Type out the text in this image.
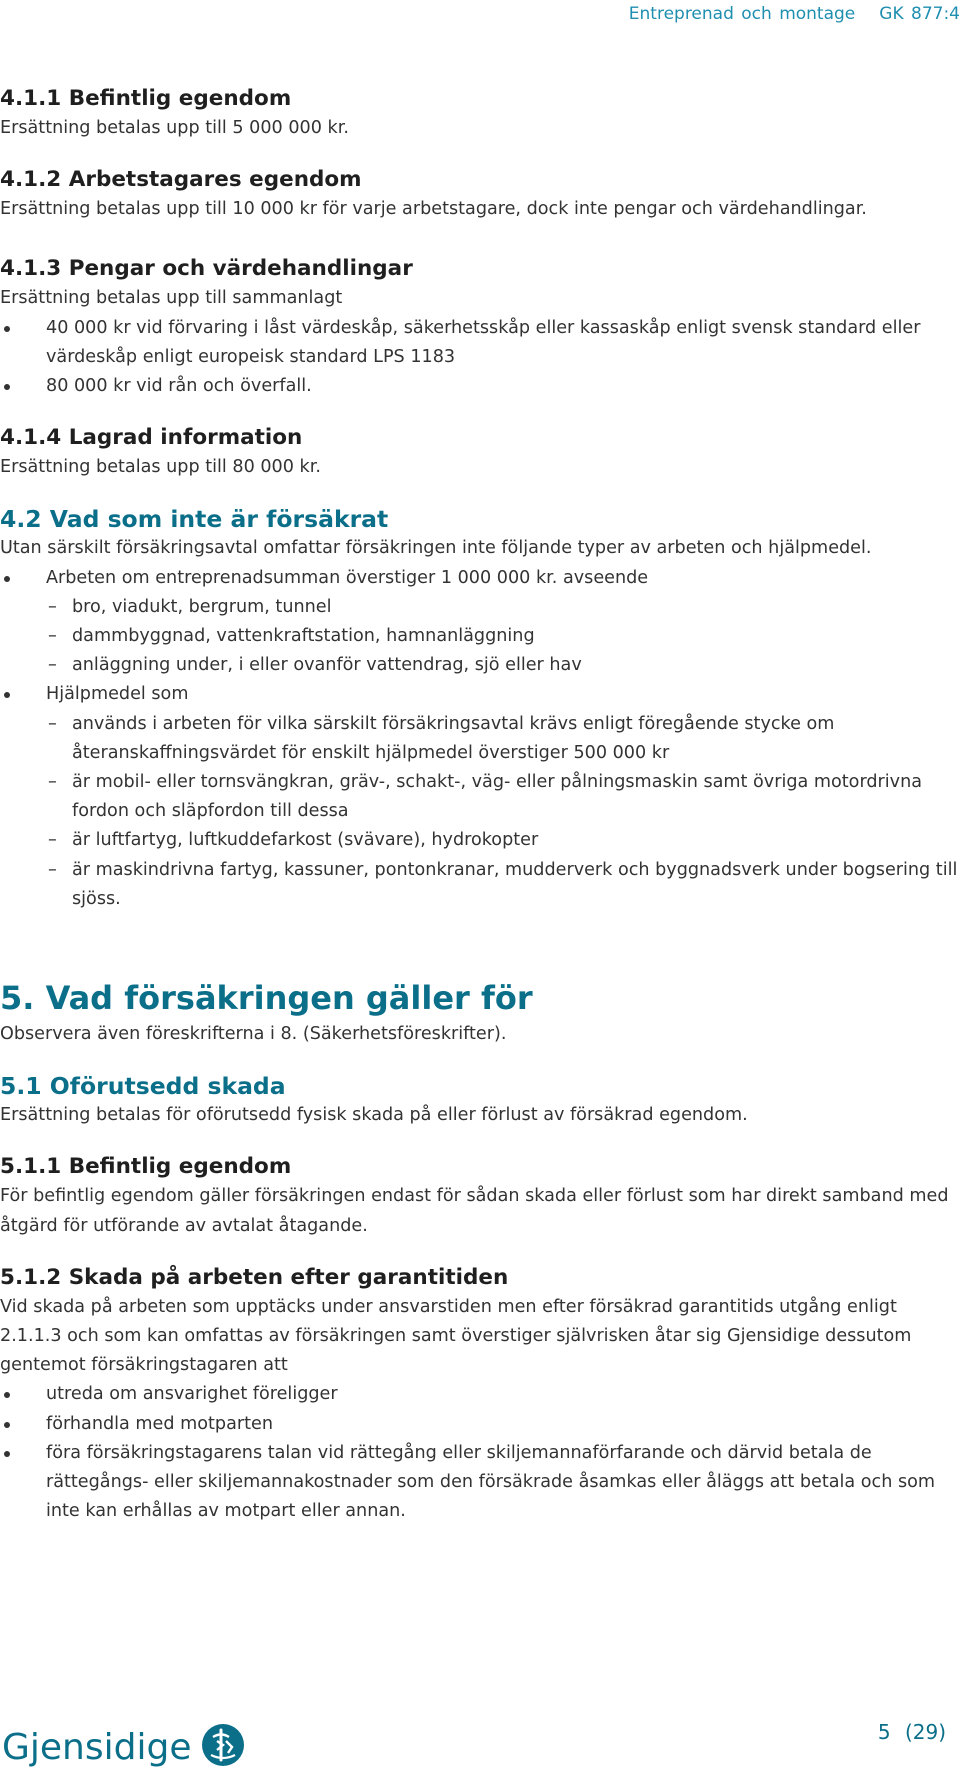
Entreprenad och montage GK 877:4
4.1.1 Befintlig egendom

Ersättning betalas upp till 5 000 000 kr.

4.1.2 Arbetstagares egendom

Ersättning betalas upp till 10 000 kr för varje arbetstagare, dock inte pengar och värdehandlingar.

4.1.3 Pengar och värdehandlingar

Ersättning betalas upp till sammanlagt

40 000 kr vid förvaring i låst värdeskåp, säkerhetsskåp eller kassaskåp enligt svensk standard eller värdeskåp enligt europeisk standard LPS 1183
80 000 kr vid rån och överfall.
4.1.4 Lagrad information

Ersättning betalas upp till 80 000 kr.

4.2 Vad som inte är försäkrat

Utan särskilt försäkringsavtal omfattar försäkringen inte följande typer av arbeten och hjälpmedel.

Arbeten om entreprenadsumman överstiger 1 000 000 kr. avseende
– bro, viadukt, bergrum, tunnel
– dammbyggnad, vattenkraftstation, hamnanläggning
– anläggning under, i eller ovanför vattendrag, sjö eller hav
Hjälpmedel som
– används i arbeten för vilka särskilt försäkringsavtal krävs enligt föregående stycke om återanskaffningsvärdet för enskilt hjälpmedel överstiger 500 000 kr
– är mobil- eller tornsvängkran, gräv-, schakt-, väg- eller pålningsmaskin samt övriga motordrivna fordon och släpfordon till dessa
– är luftfartyg, luftkuddefarkost (svävare), hydrokopter
– är maskindrivna fartyg, kassuner, pontonkranar, mudderverk och byggnadsverk under bogsering till sjöss.
5. Vad försäkringen gäller för

Observera även föreskrifterna i 8. (Säkerhetsföreskrifter).

5.1 Oförutsedd skada

Ersättning betalas för oförutsedd fysisk skada på eller förlust av försäkrad egendom.

5.1.1 Befintlig egendom

För befintlig egendom gäller försäkringen endast för sådan skada eller förlust som har direkt samband med åtgärd för utförande av avtalat åtagande.

5.1.2 Skada på arbeten efter garantitiden

Vid skada på arbeten som upptäcks under ansvarstiden men efter försäkrad garantitids utgång enligt 2.1.1.3 och som kan omfattas av försäkringen samt överstiger självrisken åtar sig Gjensidige dessutom gentemot försäkringstagaren att

utreda om ansvarighet föreligger
förhandla med motparten
föra försäkringstagarens talan vid rättegång eller skiljemannaförfarande och därvid betala de rättegångs- eller skiljemannakostnader som den försäkrade åsamkas eller åläggs att betala och som inte kan erhållas av motpart eller annan.
Gjensidige	5 (29)
